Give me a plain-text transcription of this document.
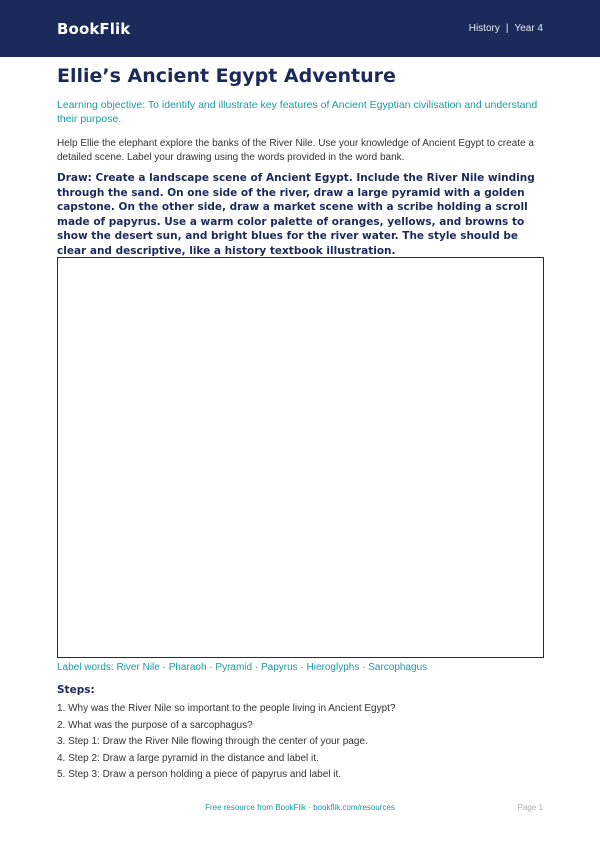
BookFlik	History | Year 4
Ellie’s Ancient Egypt Adventure

Learning objective: To identify and illustrate key features of Ancient Egyptian civilisation and understand their purpose.

Help Ellie the elephant explore the banks of the River Nile. Use your knowledge of Ancient Egypt to create a detailed scene. Label your drawing using the words provided in the word bank.

Draw: Create a landscape scene of Ancient Egypt. Include the River Nile winding through the sand. On one side of the river, draw a large pyramid with a golden capstone. On the other side, draw a market scene with a scribe holding a scroll made of papyrus. Use a warm color palette of oranges, yellows, and browns to show the desert sun, and bright blues for the river water. The style should be clear and descriptive, like a history textbook illustration.

Label words: River Nile · Pharaoh · Pyramid · Papyrus · Hieroglyphs · Sarcophagus

Steps:
1. Why was the River Nile so important to the people living in Ancient Egypt?
2. What was the purpose of a sarcophagus?
3. Step 1: Draw the River Nile flowing through the center of your page.
4. Step 2: Draw a large pyramid in the distance and label it.
5. Step 3: Draw a person holding a piece of papyrus and label it.
Free resource from BookFlik · bookflik.com/resources	Page 1
